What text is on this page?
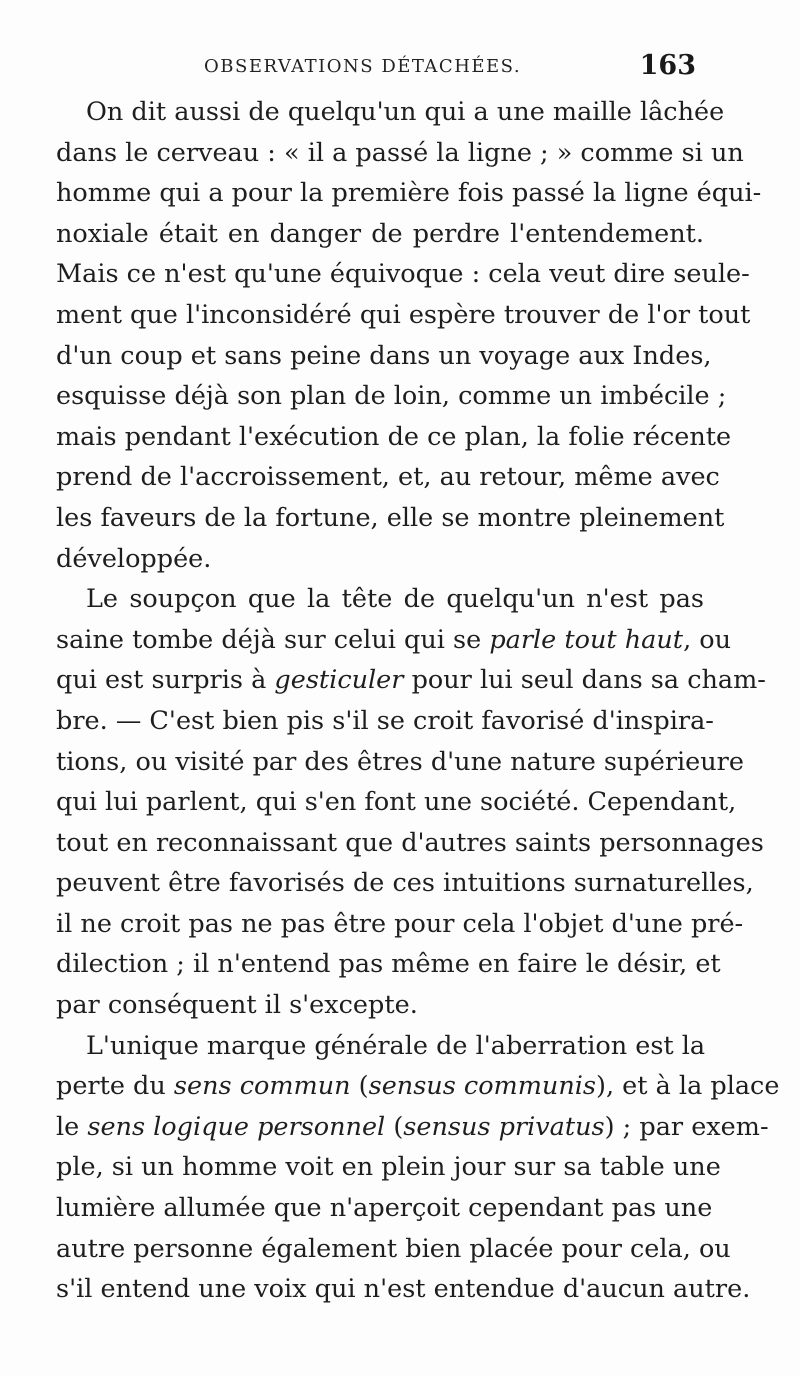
OBSERVATIONS DÉTACHÉES.	163
On dit aussi de quelqu'un qui a une maille lâchée
dans le cerveau : « il a passé la ligne ; » comme si un
homme qui a pour la première fois passé la ligne équi-
noxiale était en danger de perdre l'entendement.
Mais ce n'est qu'une équivoque : cela veut dire seule-
ment que l'inconsidéré qui espère trouver de l'or tout
d'un coup et sans peine dans un voyage aux Indes,
esquisse déjà son plan de loin, comme un imbécile ;
mais pendant l'exécution de ce plan, la folie récente
prend de l'accroissement, et, au retour, même avec
les faveurs de la fortune, elle se montre pleinement
développée.
Le soupçon que la tête de quelqu'un n'est pas
saine tombe déjà sur celui qui se parle tout haut, ou
qui est surpris à gesticuler pour lui seul dans sa cham-
bre. — C'est bien pis s'il se croit favorisé d'inspira-
tions, ou visité par des êtres d'une nature supérieure
qui lui parlent, qui s'en font une société. Cependant,
tout en reconnaissant que d'autres saints personnages
peuvent être favorisés de ces intuitions surnaturelles,
il ne croit pas ne pas être pour cela l'objet d'une pré-
dilection ; il n'entend pas même en faire le désir, et
par conséquent il s'excepte.
L'unique marque générale de l'aberration est la
perte du sens commun (sensus communis), et à la place
le sens logique personnel (sensus privatus) ; par exem-
ple, si un homme voit en plein jour sur sa table une
lumière allumée que n'aperçoit cependant pas une
autre personne également bien placée pour cela, ou
s'il entend une voix qui n'est entendue d'aucun autre.
